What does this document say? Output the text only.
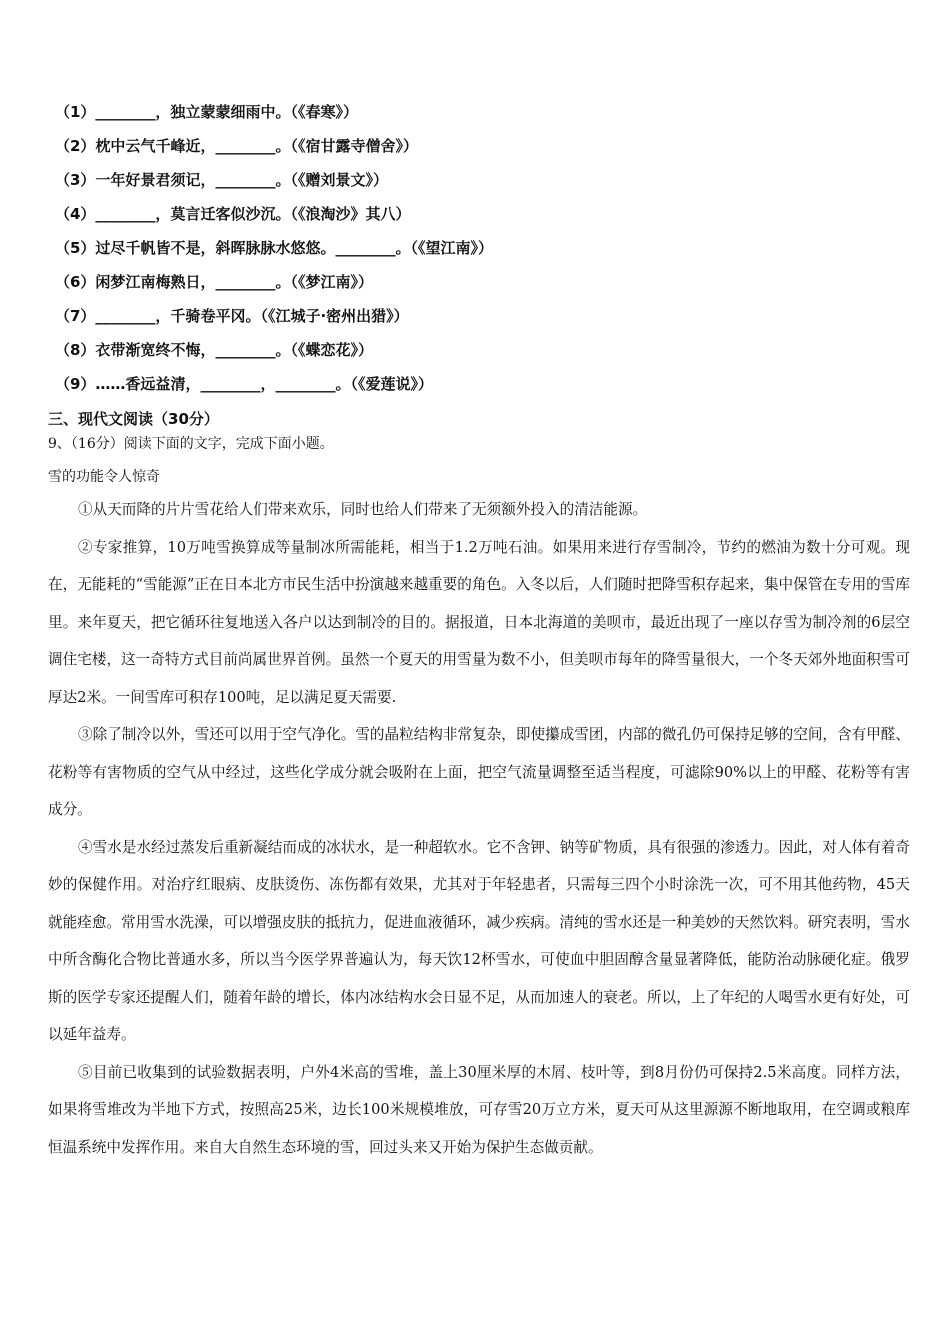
（1）________，独立蒙蒙细雨中。（《春寒》）
（2）枕中云气千峰近，________。（《宿甘露寺僧舍》）
（3）一年好景君须记，________。（《赠刘景文》）
（4）________，莫言迁客似沙沉。（《浪淘沙》其八）
（5）过尽千帆皆不是，斜晖脉脉水悠悠。________。（《望江南》）
（6）闲梦江南梅熟日，________。（《梦江南》）
（7）________，千骑卷平冈。（《江城子·密州出猎》）
（8）衣带渐宽终不悔，________。（《蝶恋花》）
（9）……香远益清，________，________。（《爱莲说》）
三、现代文阅读（30分）
9、（16分）阅读下面的文字，完成下面小题。
雪的功能令人惊奇

①从天而降的片片雪花给人们带来欢乐，同时也给人们带来了无须额外投入的清洁能源。

②专家推算，10万吨雪换算成等量制冰所需能耗，相当于1.2万吨石油。如果用来进行存雪制冷，节约的燃油为数十分可观。现在，无能耗的“雪能源”正在日本北方市民生活中扮演越来越重要的角色。入冬以后，人们随时把降雪积存起来，集中保管在专用的雪库里。来年夏天，把它循环往复地送入各户以达到制冷的目的。据报道，日本北海道的美呗市，最近出现了一座以存雪为制冷剂的6层空调住宅楼，这一奇特方式目前尚属世界首例。虽然一个夏天的用雪量为数不小，但美呗市每年的降雪量很大，一个冬天郊外地面积雪可厚达2米。一间雪库可积存100吨，足以满足夏天需要.

③除了制冷以外，雪还可以用于空气净化。雪的晶粒结构非常复杂，即使攥成雪团，内部的微孔仍可保持足够的空间，含有甲醛、花粉等有害物质的空气从中经过，这些化学成分就会吸附在上面，把空气流量调整至适当程度，可滤除90%以上的甲醛、花粉等有害成分。

④雪水是水经过蒸发后重新凝结而成的冰状水，是一种超软水。它不含钾、钠等矿物质，具有很强的渗透力。因此，对人体有着奇妙的保健作用。对治疗红眼病、皮肤烫伤、冻伤都有效果，尤其对于年轻患者，只需每三四个小时涂洗一次，可不用其他药物，45天就能痊愈。常用雪水洗澡，可以增强皮肤的抵抗力，促进血液循环，减少疾病。清纯的雪水还是一种美妙的天然饮料。研究表明，雪水中所含酶化合物比普通水多，所以当今医学界普遍认为，每天饮12杯雪水，可使血中胆固醇含量显著降低，能防治动脉硬化症。俄罗斯的医学专家还提醒人们，随着年龄的增长，体内冰结构水会日显不足，从而加速人的衰老。所以，上了年纪的人喝雪水更有好处，可以延年益寿。

⑤目前已收集到的试验数据表明，户外4米高的雪堆，盖上30厘米厚的木屑、枝叶等，到8月份仍可保持2.5米高度。同样方法，如果将雪堆改为半地下方式，按照高25米，边长100米规模堆放，可存雪20万立方米，夏天可从这里源源不断地取用，在空调或粮库恒温系统中发挥作用。来自大自然生态环境的雪，回过头来又开始为保护生态做贡献。
